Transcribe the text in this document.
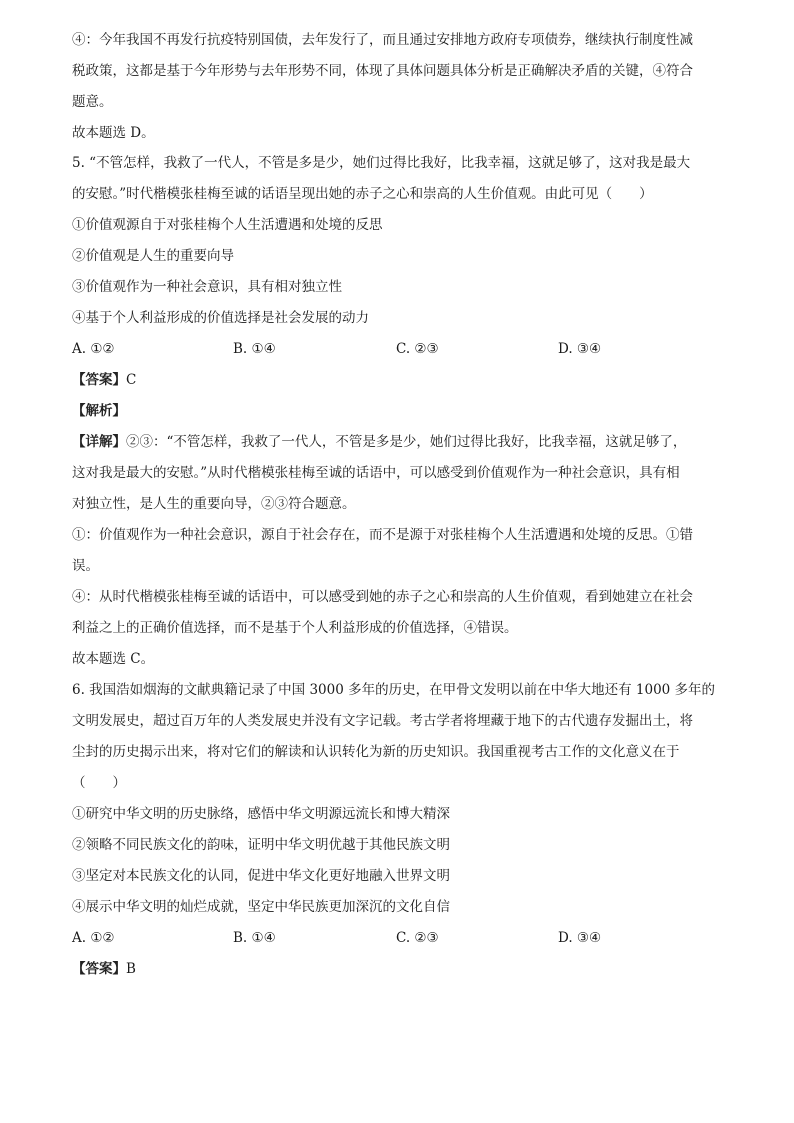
④：今年我国不再发行抗疫特别国债，去年发行了，而且通过安排地方政府专项债券，继续执行制度性减
税政策，这都是基于今年形势与去年形势不同，体现了具体问题具体分析是正确解决矛盾的关键，④符合
题意。
故本题选 D。
5. “不管怎样，我救了一代人，不管是多是少，她们过得比我好，比我幸福，这就足够了，这对我是最大
的安慰。”时代楷模张桂梅至诚的话语呈现出她的赤子之心和崇高的人生价值观。由此可见（　　）
①价值观源自于对张桂梅个人生活遭遇和处境的反思
②价值观是人生的重要向导
③价值观作为一种社会意识，具有相对独立性
④基于个人利益形成的价值选择是社会发展的动力
A. ①②	B. ①④	C. ②③	D. ③④
【答案】C
【解析】
【详解】②③：“不管怎样，我救了一代人，不管是多是少，她们过得比我好，比我幸福，这就足够了，
这对我是最大的安慰。”从时代楷模张桂梅至诚的话语中，可以感受到价值观作为一种社会意识，具有相
对独立性，是人生的重要向导，②③符合题意。
①：价值观作为一种社会意识，源自于社会存在，而不是源于对张桂梅个人生活遭遇和处境的反思。①错
误。
④：从时代楷模张桂梅至诚的话语中，可以感受到她的赤子之心和崇高的人生价值观，看到她建立在社会
利益之上的正确价值选择，而不是基于个人利益形成的价值选择，④错误。
故本题选 C。
6. 我国浩如烟海的文献典籍记录了中国 3000 多年的历史，在甲骨文发明以前在中华大地还有 1000 多年的
文明发展史，超过百万年的人类发展史并没有文字记载。考古学者将埋藏于地下的古代遗存发掘出土，将
尘封的历史揭示出来，将对它们的解读和认识转化为新的历史知识。我国重视考古工作的文化意义在于
（　　）
①研究中华文明的历史脉络，感悟中华文明源远流长和博大精深
②领略不同民族文化的韵味，证明中华文明优越于其他民族文明
③坚定对本民族文化的认同，促进中华文化更好地融入世界文明
④展示中华文明的灿烂成就，坚定中华民族更加深沉的文化自信
A. ①②	B. ①④	C. ②③	D. ③④
【答案】B
